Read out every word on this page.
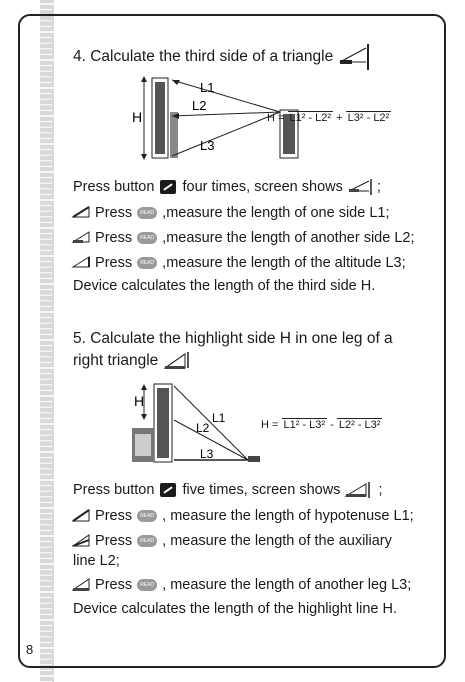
8
4. Calculate the third side of a triangle
H
L1
L2
L3
H = L1² - L2² + L3² - L2²
Press button four times, screen shows ;
Press READ ,measure the length of one side L1;
Press READ ,measure the length of another side L2;
Press READ ,measure the length of the altitude L3;
Device calculates the length of the third side H.
5. Calculate the highlight side H in one leg of a
right triangle
H
L1
L2
L3
H = L1² - L3² - L2² - L3²
Press button five times, screen shows	;
Press READ , measure the length of hypotenuse L1;
Press READ , measure the length of the auxiliary
line L2;
Press READ , measure the length of another leg L3;
Device calculates the length of the highlight line H.
